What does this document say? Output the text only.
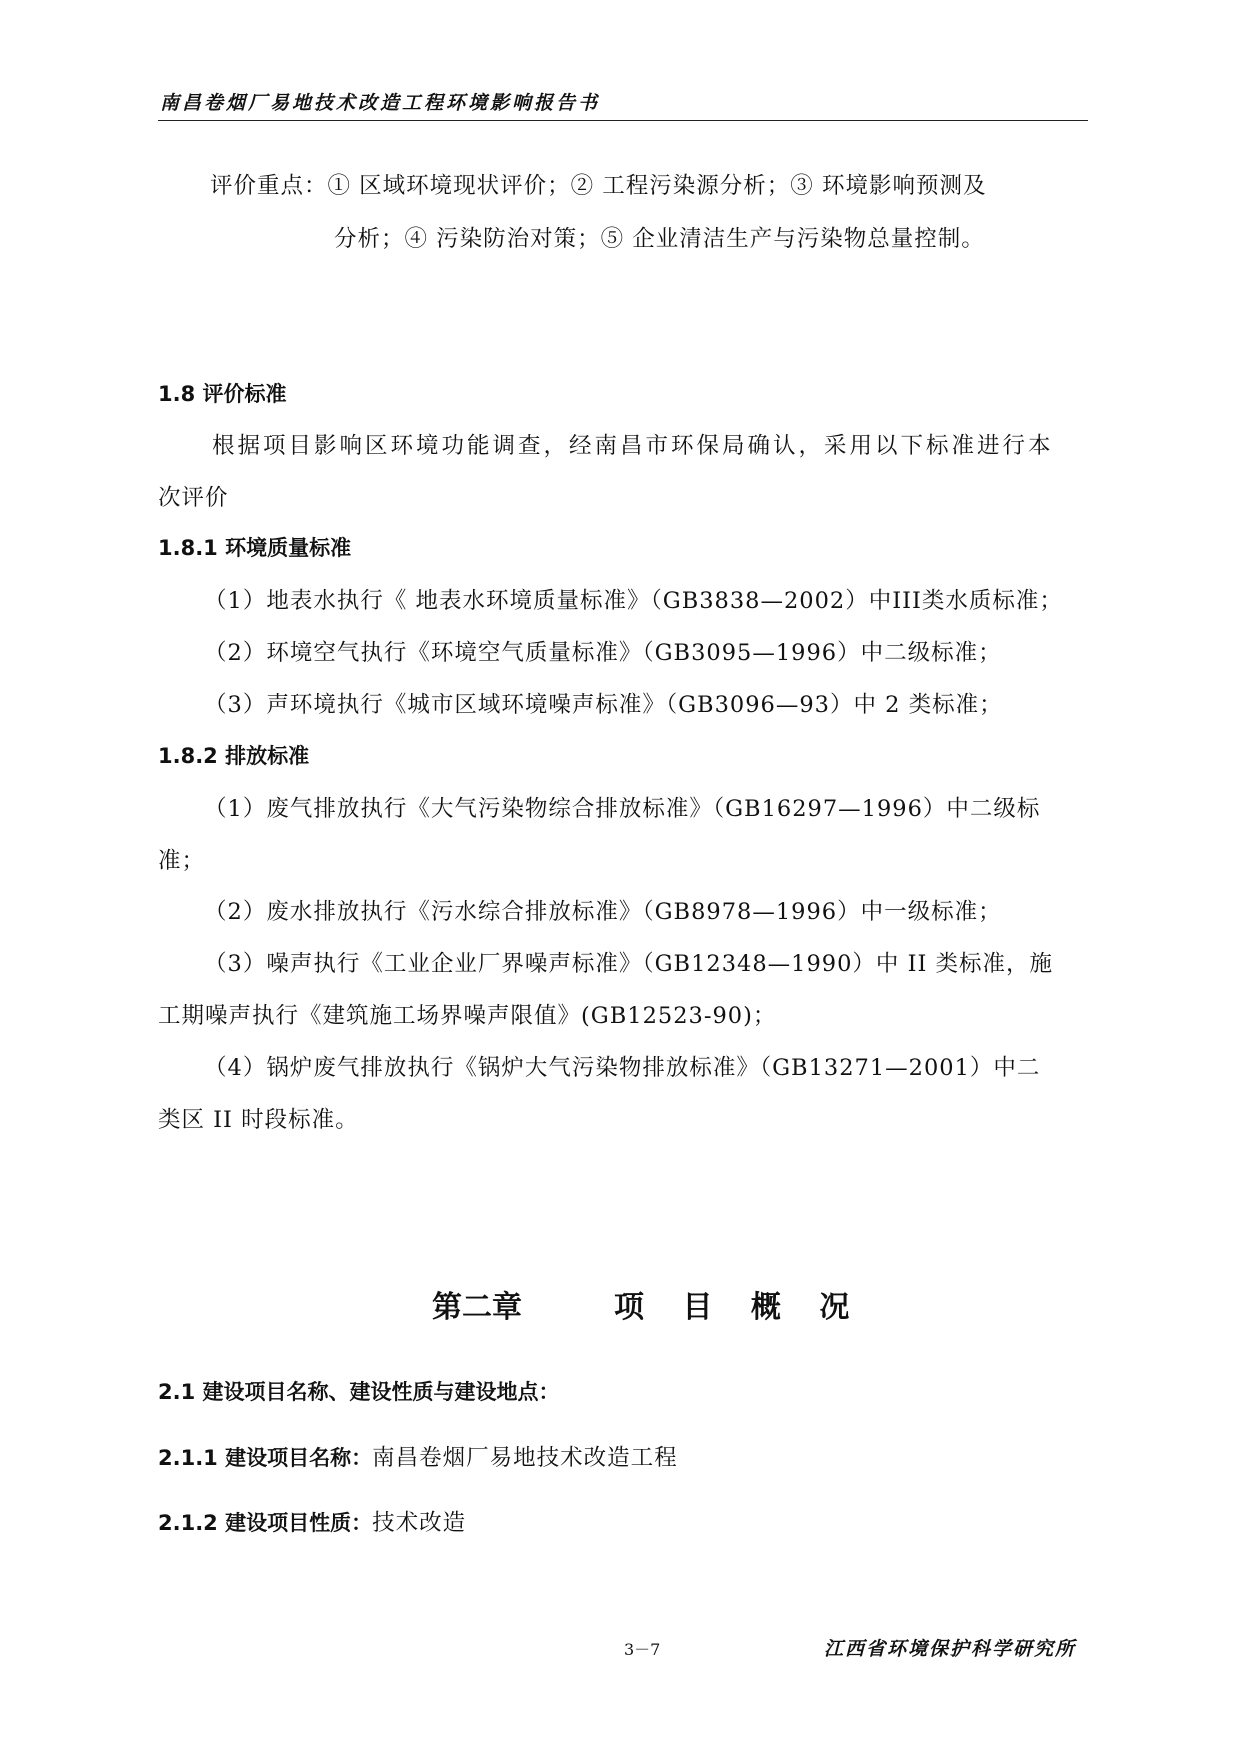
南昌卷烟厂易地技术改造工程环境影响报告书
评价重点：① 区域环境现状评价；② 工程污染源分析；③ 环境影响预测及
分析；④ 污染防治对策；⑤ 企业清洁生产与污染物总量控制。
1.8 评价标准
根据项目影响区环境功能调查，经南昌市环保局确认，采用以下标准进行本
次评价
1.8.1 环境质量标准
（1）地表水执行《 地表水环境质量标准》（GB3838—2002）中III类水质标准；
（2）环境空气执行《环境空气质量标准》（GB3095—1996）中二级标准；
（3）声环境执行《城市区域环境噪声标准》（GB3096—93）中 2 类标准；
1.8.2 排放标准
（1）废气排放执行《大气污染物综合排放标准》（GB16297—1996）中二级标
准；
（2）废水排放执行《污水综合排放标准》（GB8978—1996）中一级标准；
（3）噪声执行《工业企业厂界噪声标准》（GB12348—1990）中 II 类标准，施
工期噪声执行《建筑施工场界噪声限值》(GB12523-90)；
（4）锅炉废气排放执行《锅炉大气污染物排放标准》（GB13271—2001）中二
类区 II 时段标准。
第二章	项 目 概 况
2.1 建设项目名称、建设性质与建设地点：
2.1.1 建设项目名称：南昌卷烟厂易地技术改造工程
2.1.2 建设项目性质：技术改造
3－7	江西省环境保护科学研究所
